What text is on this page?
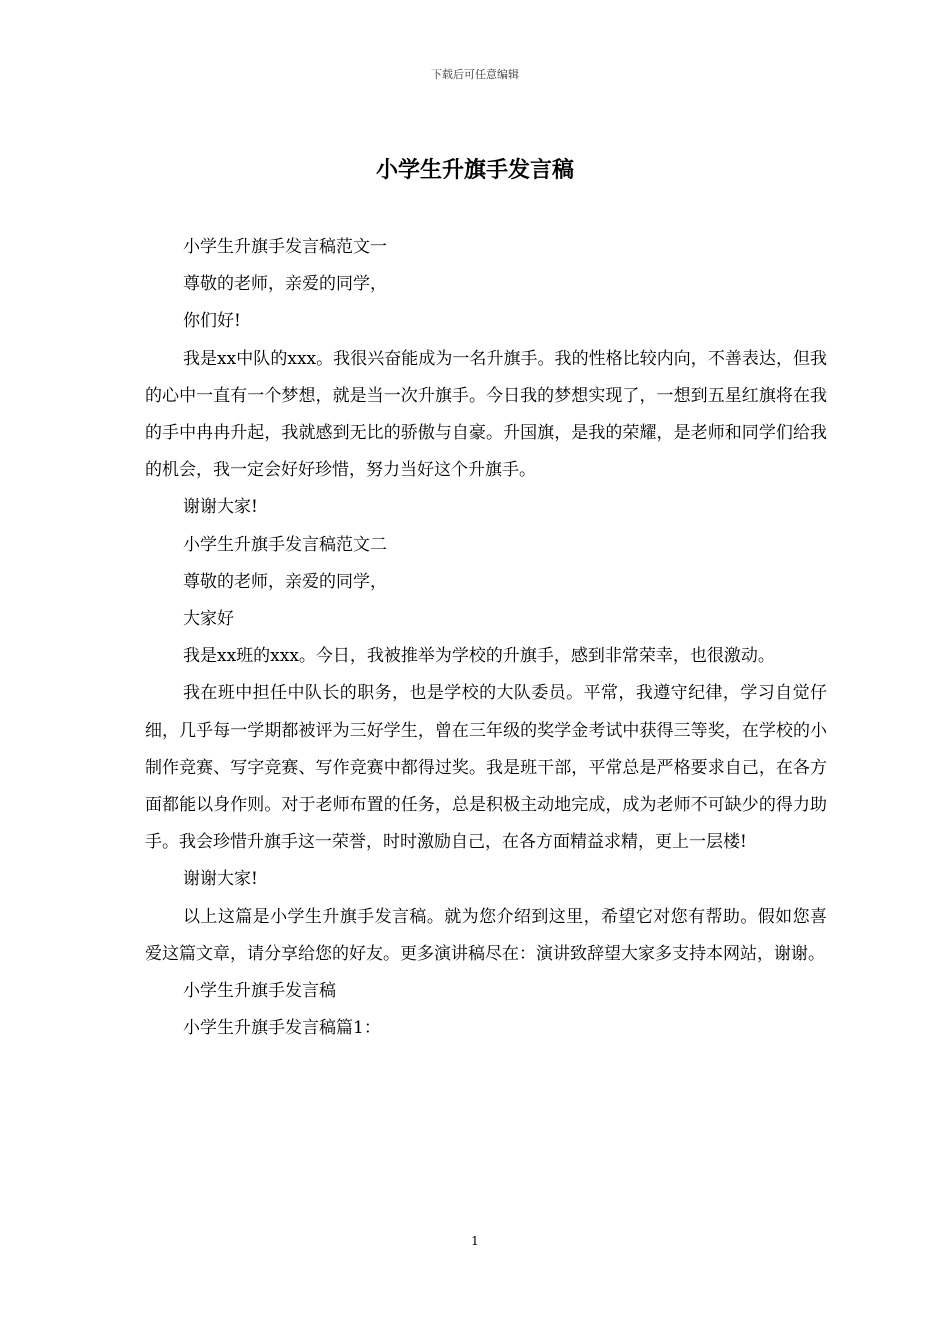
下载后可任意编辑
小学生升旗手发言稿

小学生升旗手发言稿范文一

尊敬的老师，亲爱的同学，

你们好!

我是xx中队的xxx。我很兴奋能成为一名升旗手。我的性格比较内向，不善表达，但我的心中一直有一个梦想，就是当一次升旗手。今日我的梦想实现了，一想到五星红旗将在我的手中冉冉升起，我就感到无比的骄傲与自豪。升国旗，是我的荣耀，是老师和同学们给我的机会，我一定会好好珍惜，努力当好这个升旗手。

谢谢大家!

小学生升旗手发言稿范文二

尊敬的老师，亲爱的同学，

大家好

我是xx班的xxx。今日，我被推举为学校的升旗手，感到非常荣幸，也很激动。

我在班中担任中队长的职务，也是学校的大队委员。平常，我遵守纪律，学习自觉仔细，几乎每一学期都被评为三好学生，曾在三年级的奖学金考试中获得三等奖，在学校的小制作竞赛、写字竞赛、写作竞赛中都得过奖。我是班干部，平常总是严格要求自己，在各方面都能以身作则。对于老师布置的任务，总是积极主动地完成，成为老师不可缺少的得力助手。我会珍惜升旗手这一荣誉，时时激励自己，在各方面精益求精，更上一层楼!

谢谢大家!

以上这篇是小学生升旗手发言稿。就为您介绍到这里，希望它对您有帮助。假如您喜爱这篇文章，请分享给您的好友。更多演讲稿尽在：演讲致辞望大家多支持本网站，谢谢。

小学生升旗手发言稿

小学生升旗手发言稿篇1：

1
